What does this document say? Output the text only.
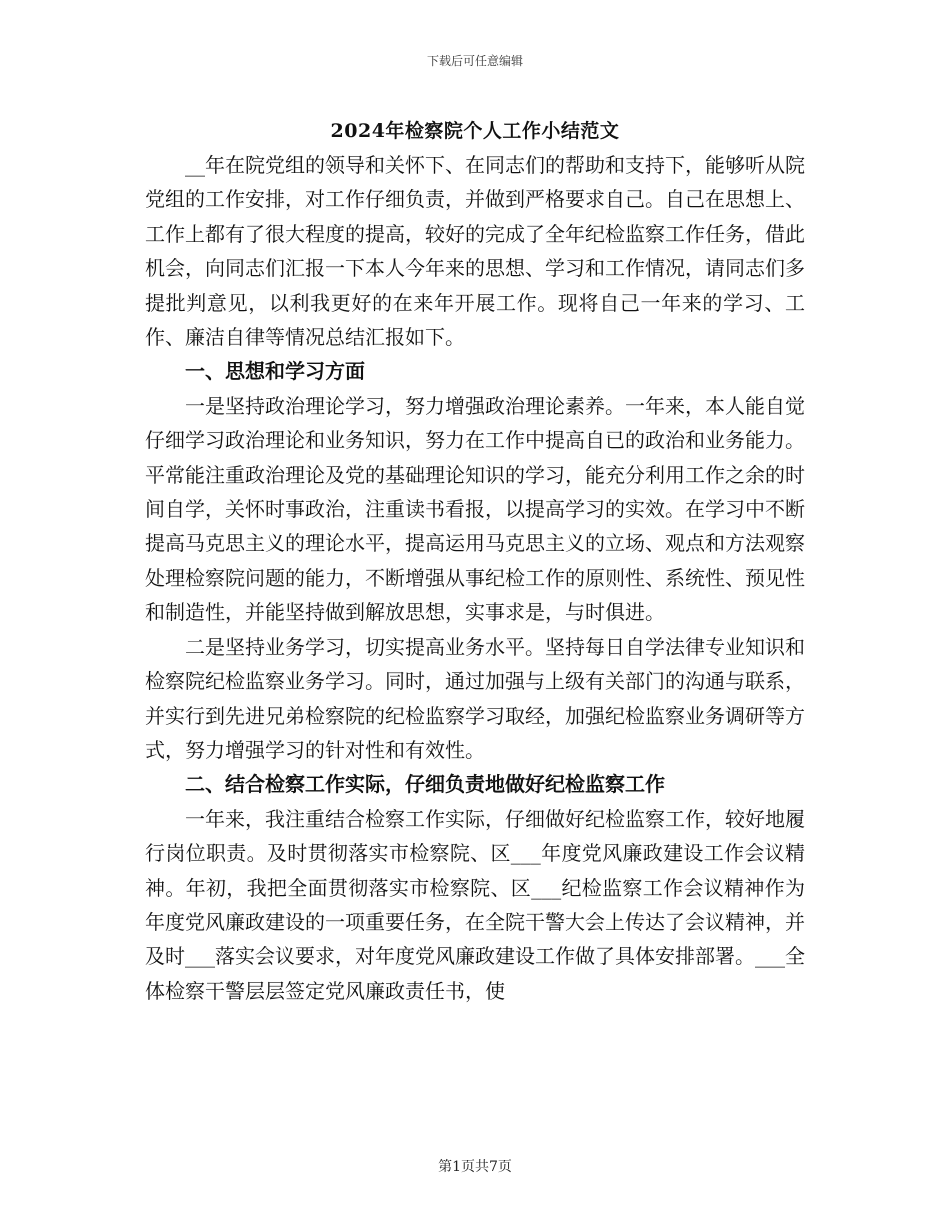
下载后可任意编辑
2024年检察院个人工作小结范文

__年在院党组的领导和关怀下、在同志们的帮助和支持下，能够听从院党组的工作安排，对工作仔细负责，并做到严格要求自己。自己在思想上、工作上都有了很大程度的提高，较好的完成了全年纪检监察工作任务，借此机会，向同志们汇报一下本人今年来的思想、学习和工作情况，请同志们多提批判意见，以利我更好的在来年开展工作。现将自己一年来的学习、工作、廉洁自律等情况总结汇报如下。

一、思想和学习方面

一是坚持政治理论学习，努力增强政治理论素养。一年来，本人能自觉仔细学习政治理论和业务知识，努力在工作中提高自已的政治和业务能力。平常能注重政治理论及党的基础理论知识的学习，能充分利用工作之余的时间自学，关怀时事政治，注重读书看报，以提高学习的实效。在学习中不断提高马克思主义的理论水平，提高运用马克思主义的立场、观点和方法观察处理检察院问题的能力，不断增强从事纪检工作的原则性、系统性、预见性和制造性，并能坚持做到解放思想，实事求是，与时俱进。

二是坚持业务学习，切实提高业务水平。坚持每日自学法律专业知识和检察院纪检监察业务学习。同时，通过加强与上级有关部门的沟通与联系，并实行到先进兄弟检察院的纪检监察学习取经，加强纪检监察业务调研等方式，努力增强学习的针对性和有效性。

二、结合检察工作实际，仔细负责地做好纪检监察工作

一年来，我注重结合检察工作实际，仔细做好纪检监察工作，较好地履行岗位职责。及时贯彻落实市检察院、区___年度党风廉政建设工作会议精神。年初，我把全面贯彻落实市检察院、区___纪检监察工作会议精神作为年度党风廉政建设的一项重要任务，在全院干警大会上传达了会议精神，并及时___落实会议要求，对年度党风廉政建设工作做了具体安排部署。___全体检察干警层层签定党风廉政责任书，使

第1页共7页
